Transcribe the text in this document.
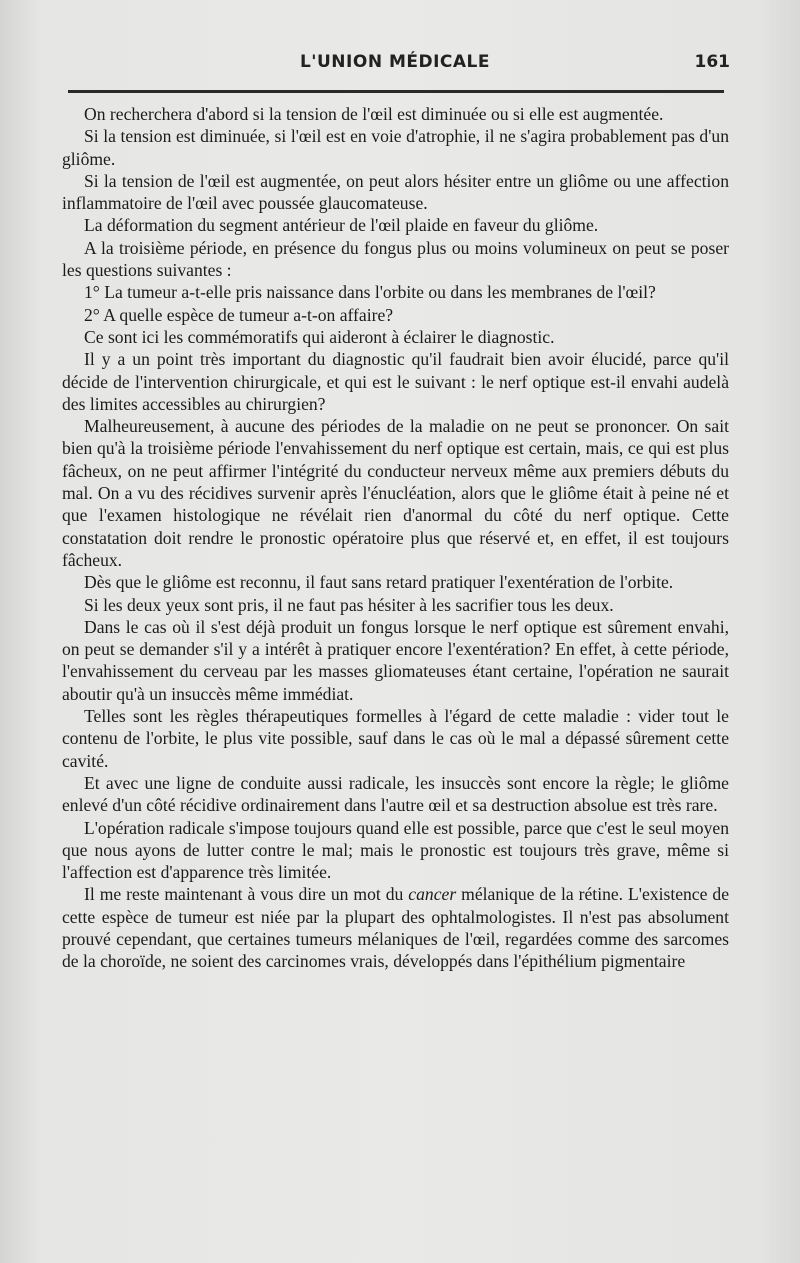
L'UNION MÉDICALE	161

On recherchera d'abord si la tension de l'œil est diminuée ou si elle est augmentée.

Si la tension est diminuée, si l'œil est en voie d'atrophie, il ne s'agira probablement pas d'un gliôme.

Si la tension de l'œil est augmentée, on peut alors hésiter entre un gliôme ou une affection inflammatoire de l'œil avec poussée glaucomateuse.

La déformation du segment antérieur de l'œil plaide en faveur du gliôme.

A la troisième période, en présence du fongus plus ou moins volumineux on peut se poser les questions suivantes :

1° La tumeur a-t-elle pris naissance dans l'orbite ou dans les membranes de l'œil?

2° A quelle espèce de tumeur a-t-on affaire?

Ce sont ici les commémoratifs qui aideront à éclairer le diagnostic.

Il y a un point très important du diagnostic qu'il faudrait bien avoir élucidé, parce qu'il décide de l'intervention chirurgicale, et qui est le suivant : le nerf optique est-il envahi audelà des limites accessibles au chirurgien?

Malheureusement, à aucune des périodes de la maladie on ne peut se prononcer. On sait bien qu'à la troisième période l'envahissement du nerf optique est certain, mais, ce qui est plus fâcheux, on ne peut affirmer l'intégrité du conducteur nerveux même aux premiers débuts du mal. On a vu des récidives survenir après l'énucléation, alors que le gliôme était à peine né et que l'examen histologique ne révélait rien d'anormal du côté du nerf optique. Cette constatation doit rendre le pronostic opératoire plus que réservé et, en effet, il est toujours fâcheux.

Dès que le gliôme est reconnu, il faut sans retard pratiquer l'exentération de l'orbite.

Si les deux yeux sont pris, il ne faut pas hésiter à les sacrifier tous les deux.

Dans le cas où il s'est déjà produit un fongus lorsque le nerf optique est sûrement envahi, on peut se demander s'il y a intérêt à pratiquer encore l'exentération? En effet, à cette période, l'envahissement du cerveau par les masses gliomateuses étant certaine, l'opération ne saurait aboutir qu'à un insuccès même immédiat.

Telles sont les règles thérapeutiques formelles à l'égard de cette maladie : vider tout le contenu de l'orbite, le plus vite possible, sauf dans le cas où le mal a dépassé sûrement cette cavité.

Et avec une ligne de conduite aussi radicale, les insuccès sont encore la règle; le gliôme enlevé d'un côté récidive ordinairement dans l'autre œil et sa destruction absolue est très rare.

L'opération radicale s'impose toujours quand elle est possible, parce que c'est le seul moyen que nous ayons de lutter contre le mal; mais le pronostic est toujours très grave, même si l'affection est d'apparence très limitée.

Il me reste maintenant à vous dire un mot du cancer mélanique de la rétine. L'existence de cette espèce de tumeur est niée par la plupart des ophtalmologistes. Il n'est pas absolument prouvé cependant, que certaines tumeurs mélaniques de l'œil, regardées comme des sarcomes de la choroïde, ne soient des carcinomes vrais, développés dans l'épithélium pigmentaire
